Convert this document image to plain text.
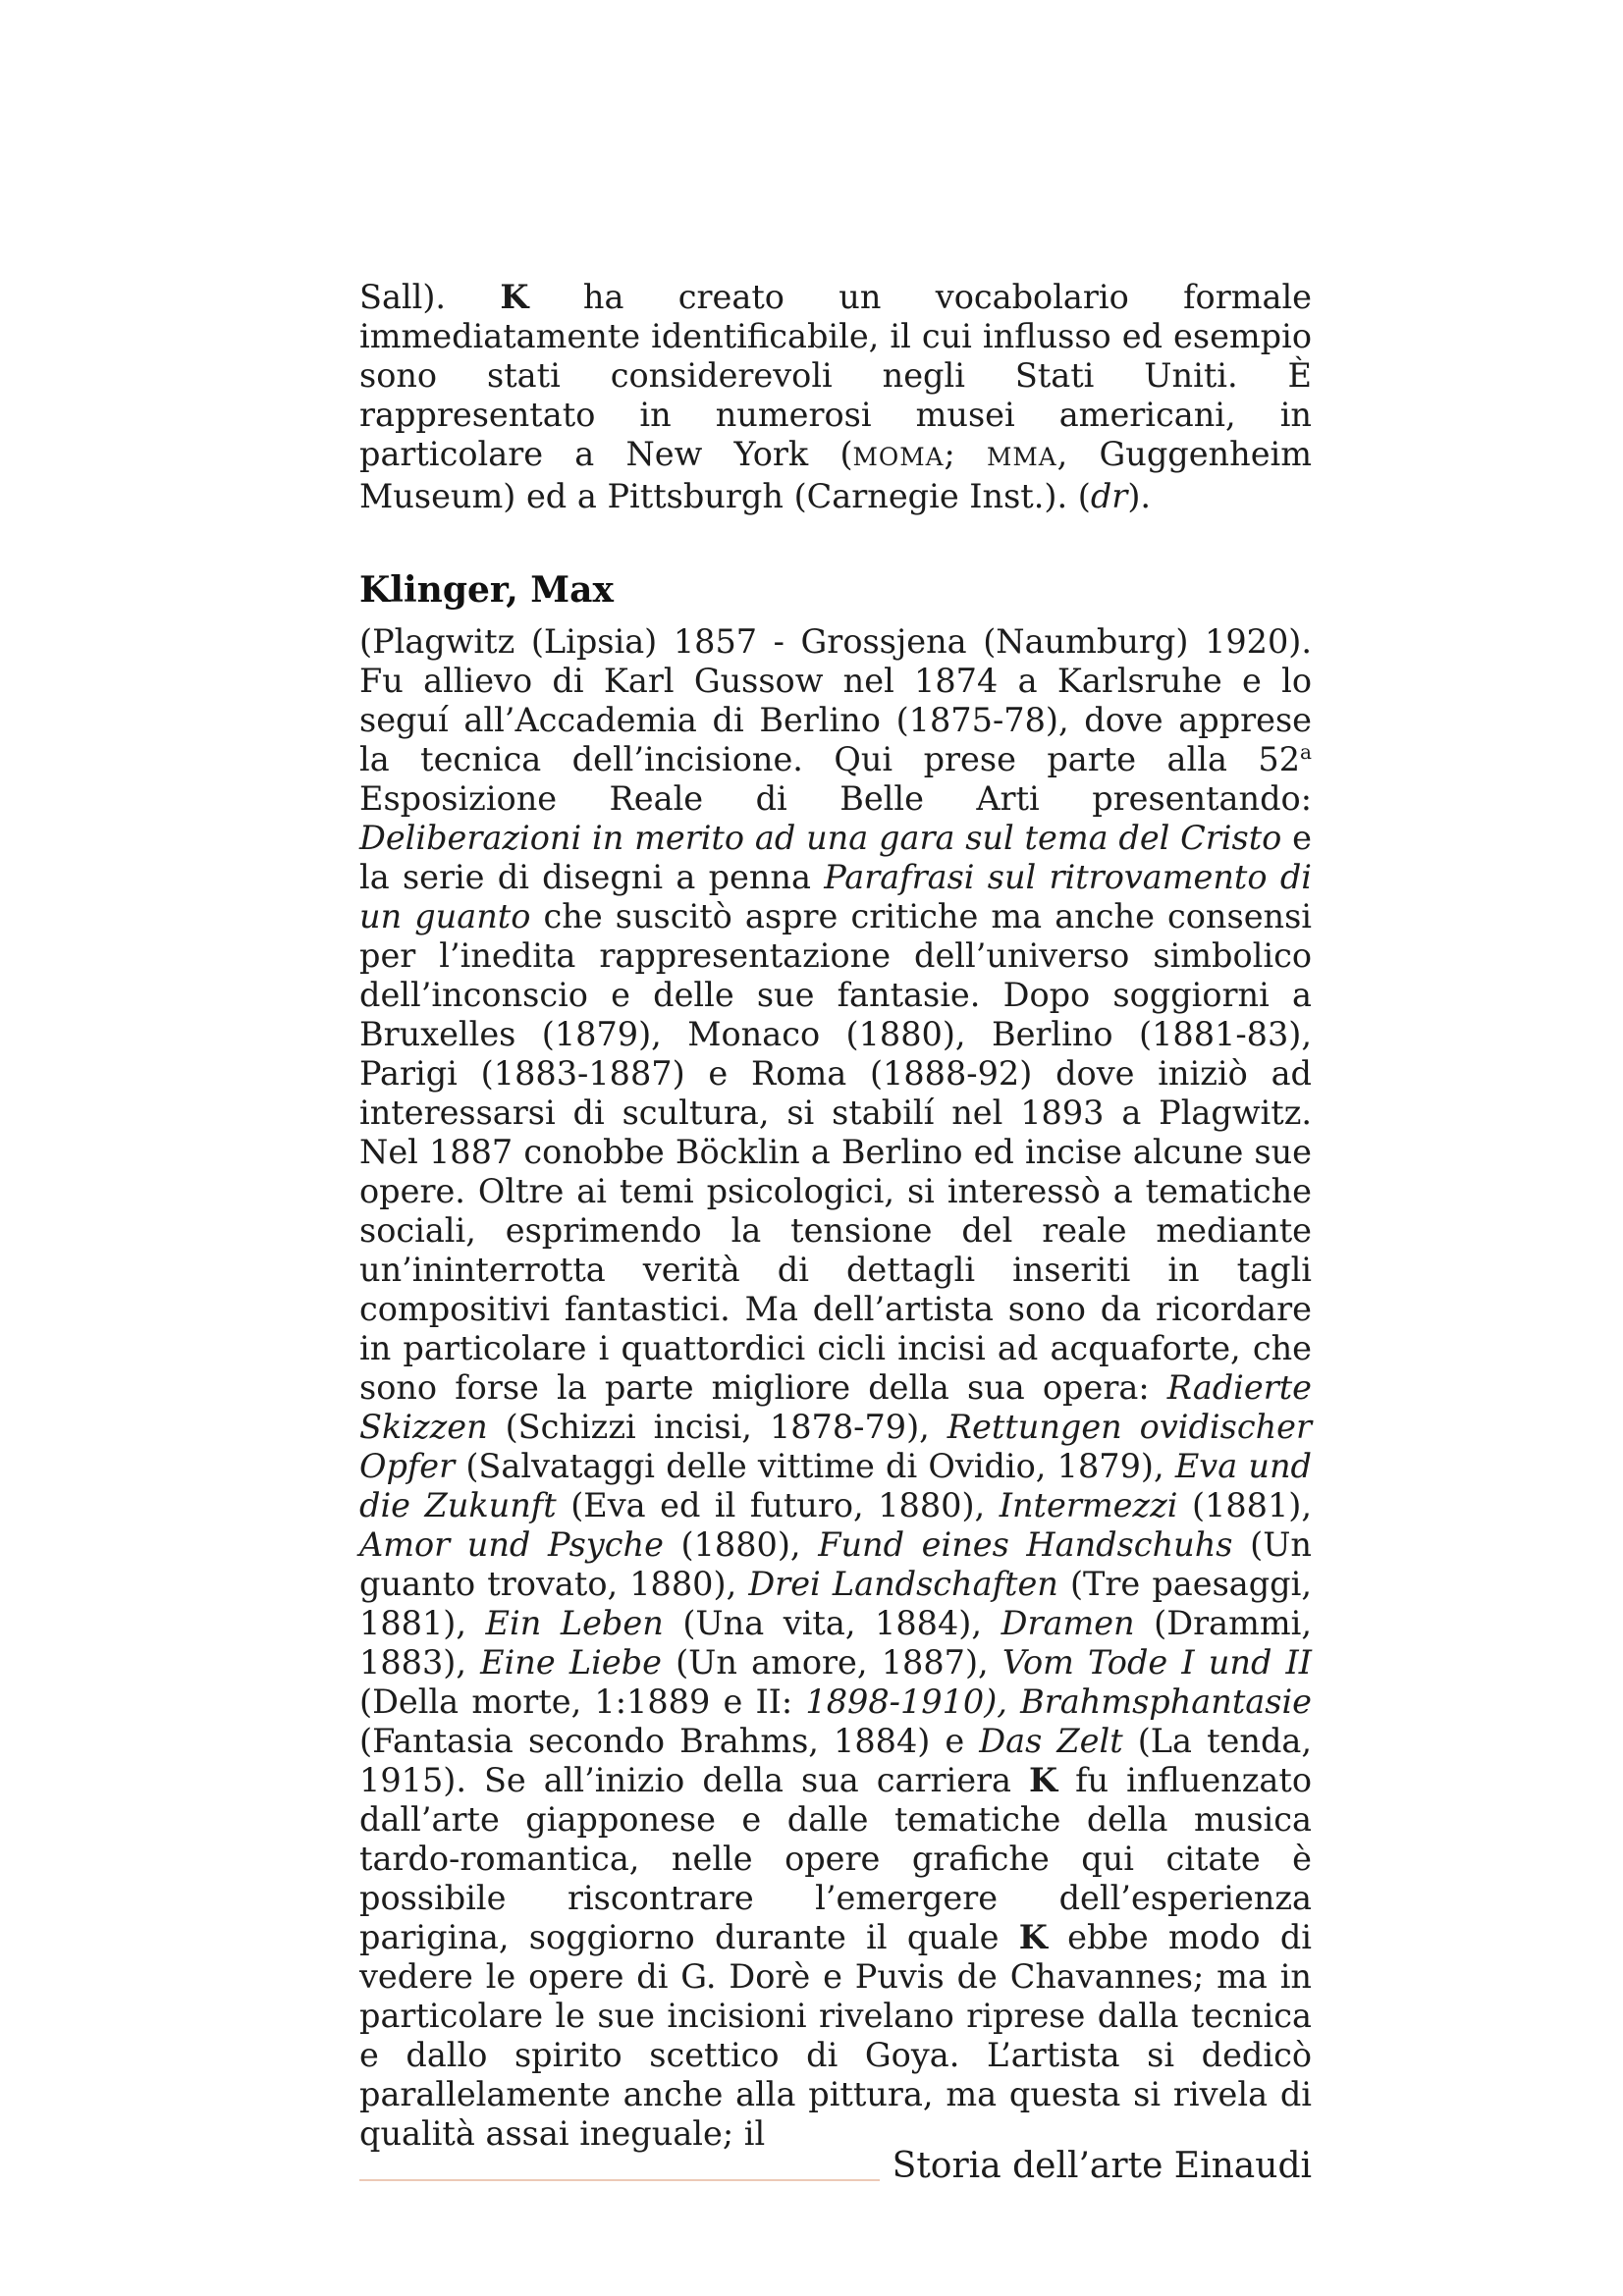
Sall). K ha creato un vocabolario formale immediatamente identificabile, il cui influsso ed esempio sono stati considerevoli negli Stati Uniti. È rappresentato in numerosi musei americani, in particolare a New York (MOMA; MMA, Guggenheim Museum) ed a Pittsburgh (Carnegie Inst.). (dr).

Klinger, Max

(Plagwitz (Lipsia) 1857 - Grossjena (Naumburg) 1920). Fu allievo di Karl Gussow nel 1874 a Karlsruhe e lo seguí all’Accademia di Berlino (1875-78), dove apprese la tecnica dell’incisione. Qui prese parte alla 52$^a$ Esposizione Reale di Belle Arti presentando: Deliberazioni in merito ad una gara sul tema del Cristo e la serie di disegni a penna Parafrasi sul ritrovamento di un guanto che suscitò aspre critiche ma anche consensi per l’inedita rappresentazione dell’universo simbolico dell’inconscio e delle sue fantasie. Dopo soggiorni a Bruxelles (1879), Monaco (1880), Berlino (1881-83), Parigi (1883-1887) e Roma (1888-92) dove iniziò ad interessarsi di scultura, si stabilí nel 1893 a Plagwitz. Nel 1887 conobbe Böcklin a Berlino ed incise alcune sue opere. Oltre ai temi psicologici, si interessò a tematiche sociali, esprimendo la tensione del reale mediante un’ininterrotta verità di dettagli inseriti in tagli compositivi fantastici. Ma dell’artista sono da ricordare in particolare i quattordici cicli incisi ad acquaforte, che sono forse la parte migliore della sua opera: Radierte Skizzen (Schizzi incisi, 1878-79), Rettungen ovidischer Opfer (Salvataggi delle vittime di Ovidio, 1879), Eva und die Zukunft (Eva ed il futuro, 1880), Intermezzi (1881), Amor und Psyche (1880), Fund eines Handschuhs (Un guanto trovato, 1880), Drei Landschaften (Tre paesaggi, 1881), Ein Leben (Una vita, 1884), Dramen (Drammi, 1883), Eine Liebe (Un amore, 1887), Vom Tode I und II (Della morte, 1:1889 e II: 1898-1910), Brahmsphantasie (Fantasia secondo Brahms, 1884) e Das Zelt (La tenda, 1915). Se all’inizio della sua carriera K fu influenzato dall’arte giapponese e dalle tematiche della musica tardo-romantica, nelle opere grafiche qui citate è possibile riscontrare l’emergere dell’esperienza parigina, soggiorno durante il quale K ebbe modo di vedere le opere di G. Dorè e Puvis de Chavannes; ma in particolare le sue incisioni rivelano riprese dalla tecnica e dallo spirito scettico di Goya. L’artista si dedicò parallelamente anche alla pittura, ma questa si rivela di qualità assai ineguale; il

Storia dell’arte Einaudi
